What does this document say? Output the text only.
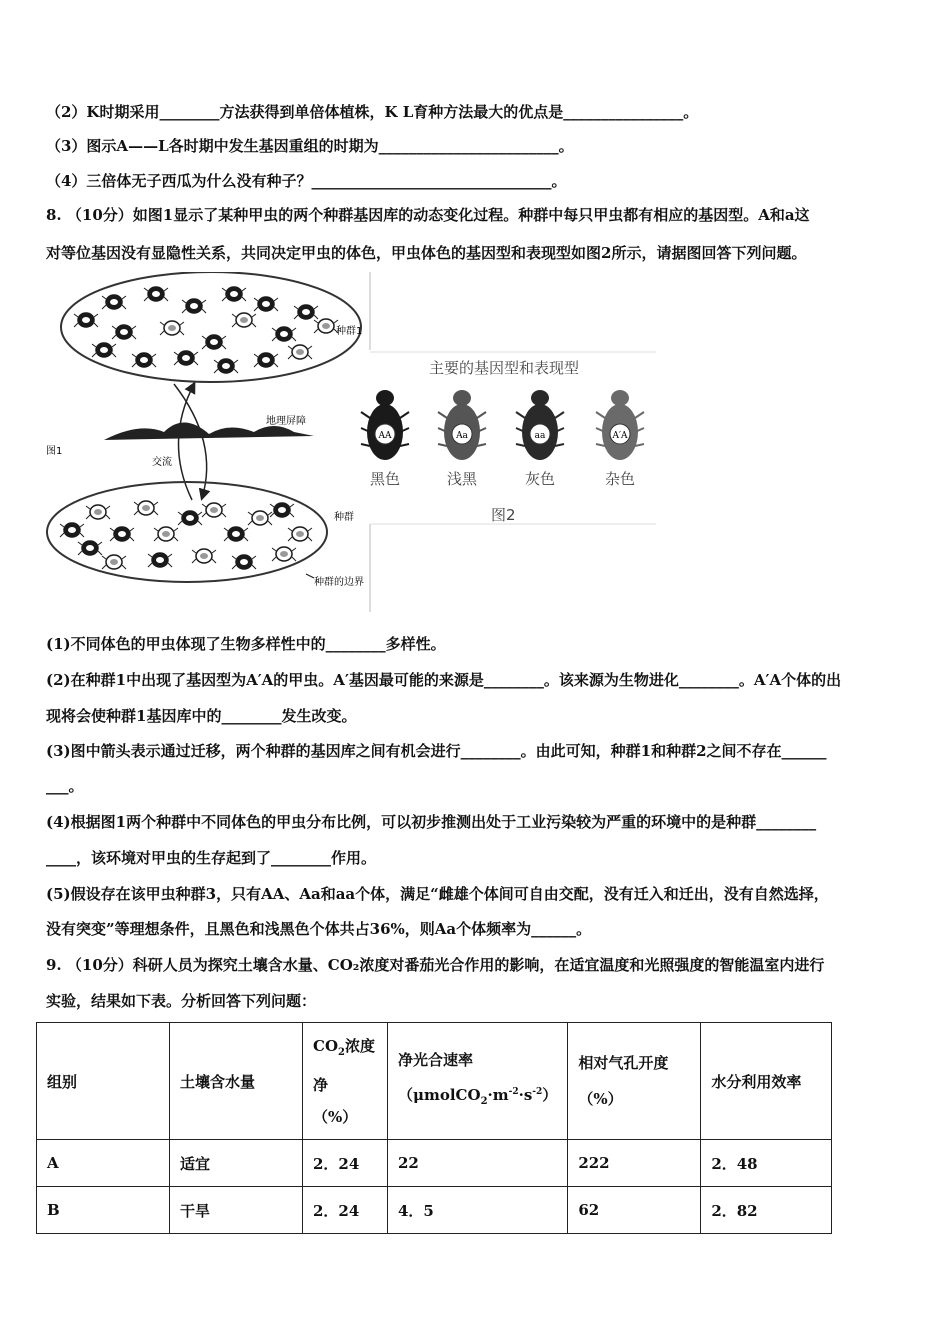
（2）K时期采用________方法获得到单倍体植株，K L育种方法最大的优点是________________。
（3）图示A——L各时期中发生基因重组的时期为________________________。
（4）三倍体无子西瓜为什么没有种子？________________________________。
8. （10分）如图1显示了某种甲虫的两个种群基因库的动态变化过程。种群中每只甲虫都有相应的基因型。A和a这
对等位基因没有显隐性关系，共同决定甲虫的体色，甲虫体色的基因型和表现型如图2所示，请据图回答下列问题。
种群1
地理屏障
图1
交流
种群
种群的边界
主要的基因型和表现型
AA
黑色
Aa
浅黑
aa
灰色
A′A
杂色
图2
(1)不同体色的甲虫体现了生物多样性中的________多样性。
(2)在种群1中出现了基因型为A′A的甲虫。A′基因最可能的来源是________。该来源为生物进化________。A′A个体的出
现将会使种群1基因库中的________发生改变。
(3)图中箭头表示通过迁移，两个种群的基因库之间有机会进行________。由此可知，种群1和种群2之间不存在______
___。
(4)根据图1两个种群中不同体色的甲虫分布比例，可以初步推测出处于工业污染较为严重的环境中的是种群________
____，该环境对甲虫的生存起到了________作用。
(5)假设存在该甲虫种群3，只有AA、Aa和aa个体，满足“雌雄个体间可自由交配，没有迁入和迁出，没有自然选择，
没有突变”等理想条件，且黑色和浅黑色个体共占36%，则Aa个体频率为______。
9. （10分）科研人员为探究土壤含水量、CO₂浓度对番茄光合作用的影响，在适宜温度和光照强度的智能温室内进行
实验，结果如下表。分析回答下列问题：
组别	土壤含水量	$CO_2$浓度
净
（%）	净光合速率
$(\mu molCO_2\cdot m^{-2}\cdot s^{-2})$	相对气孔开度
（%）	水分利用效率
A	适宜	2．24	22	222	2．48
B	干旱	2．24	4．5	62	2．82
